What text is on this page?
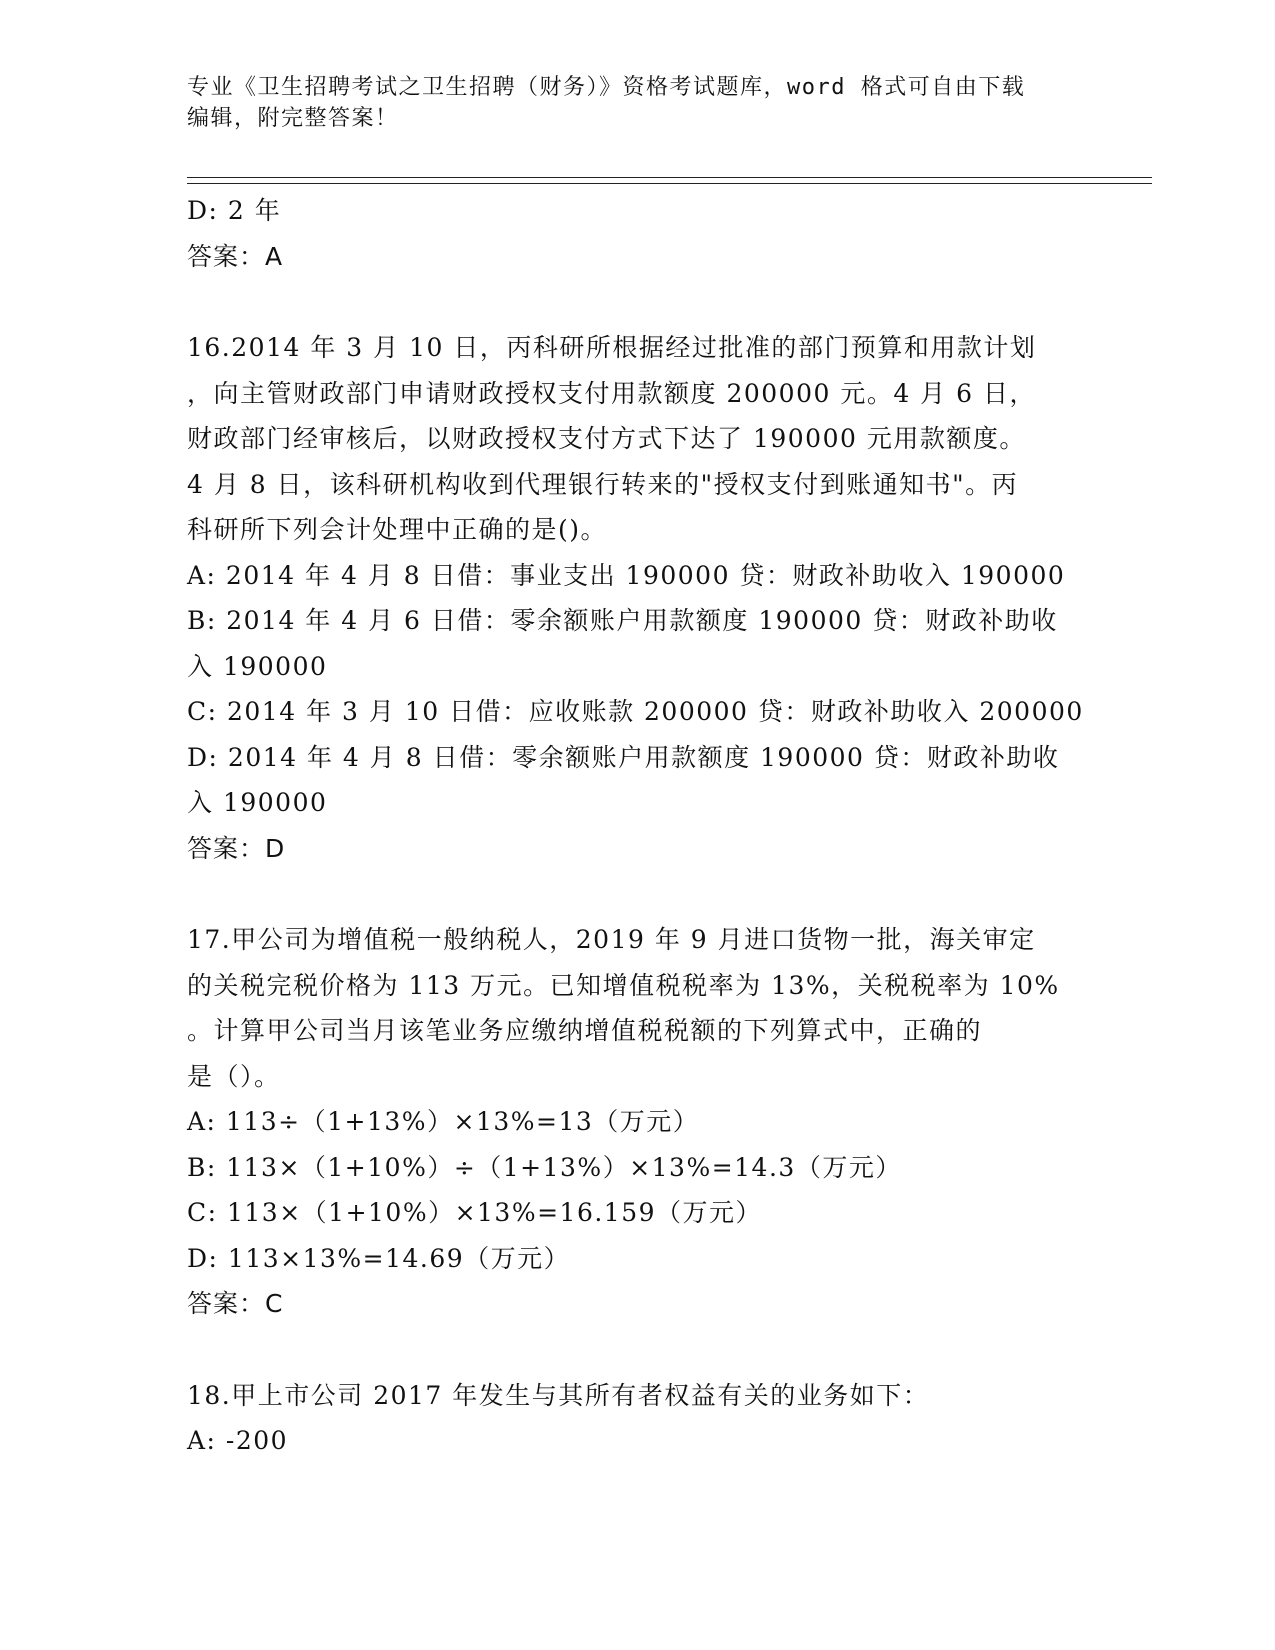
专业《卫生招聘考试之卫生招聘（财务）》资格考试题库，word 格式可自由下载
编辑，附完整答案！
D: 2 年
答案：A
16.2014 年 3 月 10 日，丙科研所根据经过批准的部门预算和用款计划
，向主管财政部门申请财政授权支付用款额度 200000 元。4 月 6 日，
财政部门经审核后，以财政授权支付方式下达了 190000 元用款额度。
4 月 8 日，该科研机构收到代理银行转来的"授权支付到账通知书"。丙
科研所下列会计处理中正确的是()。
A: 2014 年 4 月 8 日借：事业支出 190000 贷：财政补助收入 190000
B: 2014 年 4 月 6 日借：零余额账户用款额度 190000 贷：财政补助收
入 190000
C: 2014 年 3 月 10 日借：应收账款 200000 贷：财政补助收入 200000
D: 2014 年 4 月 8 日借：零余额账户用款额度 190000 贷：财政补助收
入 190000
答案：D
17.甲公司为增值税一般纳税人，2019 年 9 月进口货物一批，海关审定
的关税完税价格为 113 万元。已知增值税税率为 13%，关税税率为 10%
。计算甲公司当月该笔业务应缴纳增值税税额的下列算式中，正确的
是（）。
A: 113÷（1+13%）×13%=13（万元）
B: 113×（1+10%）÷（1+13%）×13%=14.3（万元）
C: 113×（1+10%）×13%=16.159（万元）
D: 113×13%=14.69（万元）
答案：C
18.甲上市公司 2017 年发生与其所有者权益有关的业务如下：
A: -200
